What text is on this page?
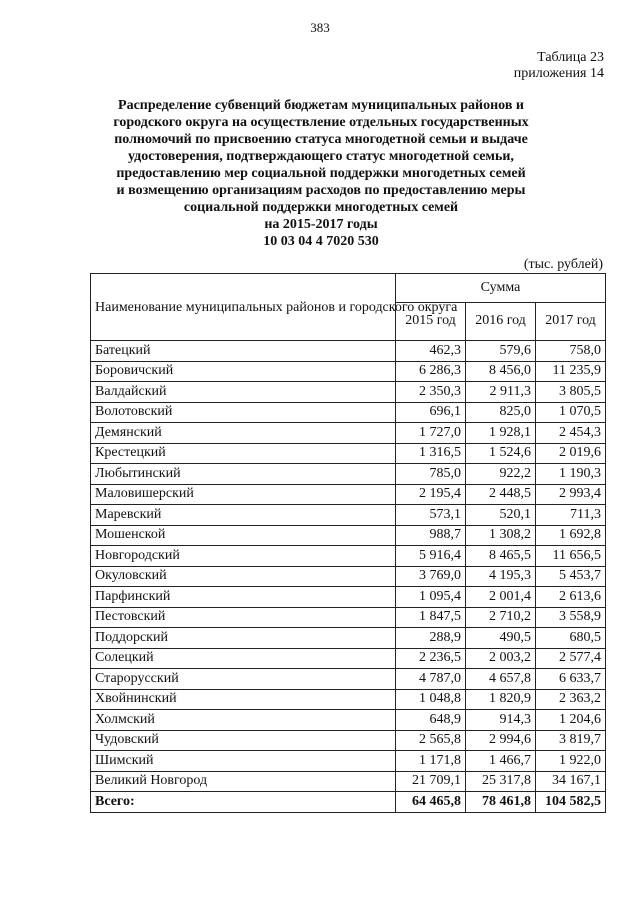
383
Таблица 23
приложения 14
Распределение субвенций бюджетам муниципальных районов и
городского округа на осуществление отдельных государственных
полномочий по присвоению статуса многодетной семьи и выдаче
удостоверения, подтверждающего статус многодетной семьи,
предоставлению мер социальной поддержки многодетных семей
и возмещению организациям расходов по предоставлению меры
социальной поддержки многодетных семей
на 2015-2017 годы
10 03 04 4 7020 530
(тыс. рублей)
Наименование муниципальных районов и городского округа	Сумма		
	2015 год	2016 год	2017 год
Батецкий	462,3	579,6	758,0
Боровичский	6 286,3	8 456,0	11 235,9
Валдайский	2 350,3	2 911,3	3 805,5
Волотовский	696,1	825,0	1 070,5
Демянский	1 727,0	1 928,1	2 454,3
Крестецкий	1 316,5	1 524,6	2 019,6
Любытинский	785,0	922,2	1 190,3
Маловишерский	2 195,4	2 448,5	2 993,4
Маревский	573,1	520,1	711,3
Мошенской	988,7	1 308,2	1 692,8
Новгородский	5 916,4	8 465,5	11 656,5
Окуловский	3 769,0	4 195,3	5 453,7
Парфинский	1 095,4	2 001,4	2 613,6
Пестовский	1 847,5	2 710,2	3 558,9
Поддорский	288,9	490,5	680,5
Солецкий	2 236,5	2 003,2	2 577,4
Старорусский	4 787,0	4 657,8	6 633,7
Хвойнинский	1 048,8	1 820,9	2 363,2
Холмский	648,9	914,3	1 204,6
Чудовский	2 565,8	2 994,6	3 819,7
Шимский	1 171,8	1 466,7	1 922,0
Великий Новгород	21 709,1	25 317,8	34 167,1
Всего:	64 465,8	78 461,8	104 582,5
